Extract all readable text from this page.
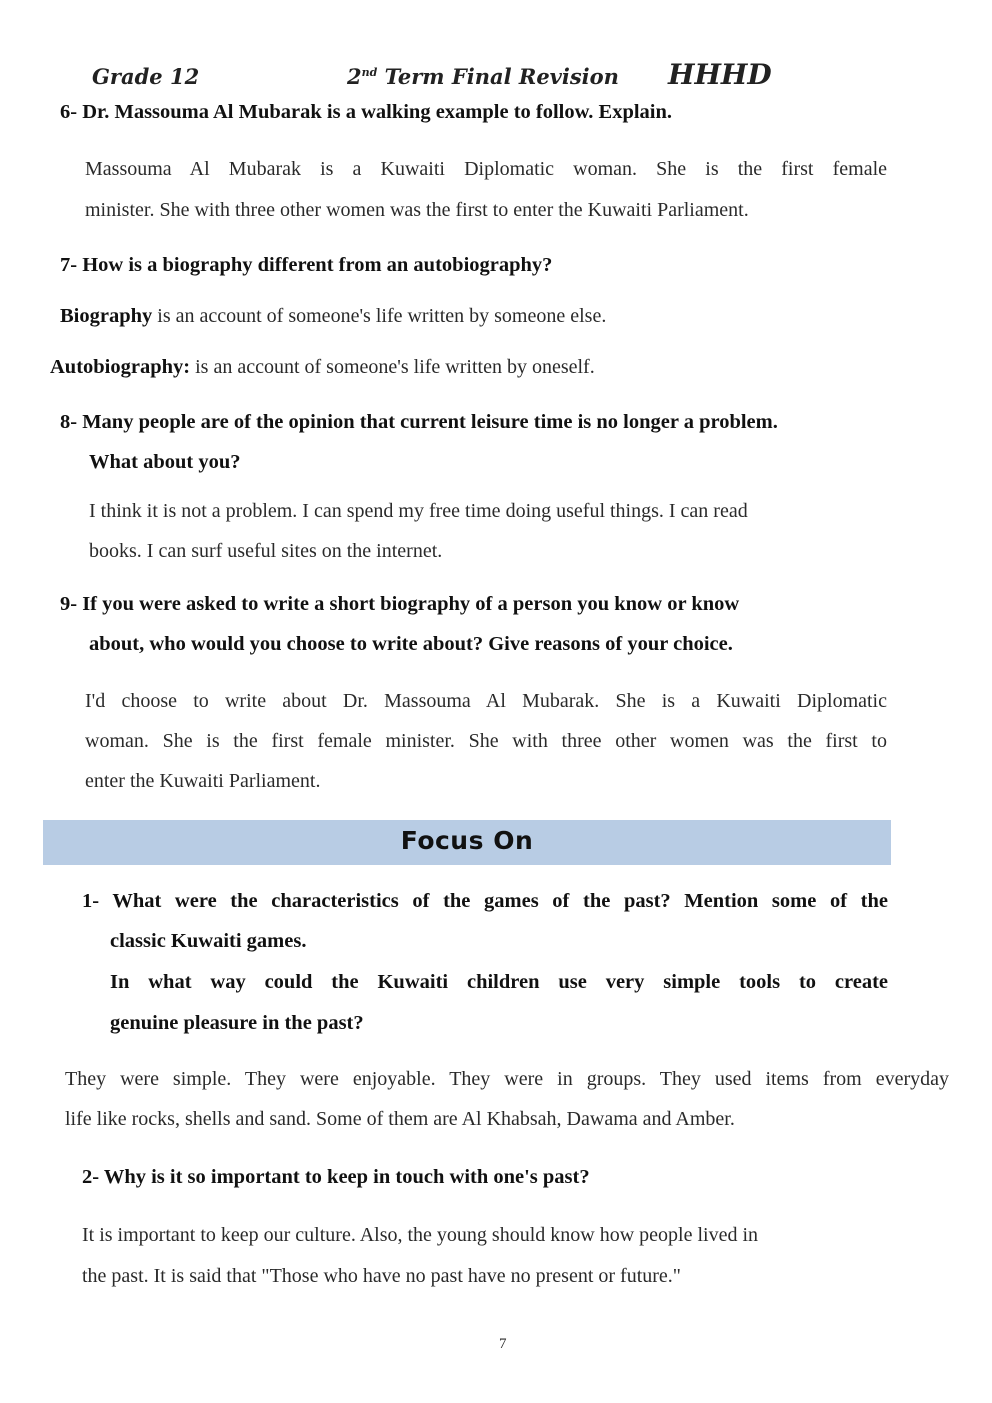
Grade 12	2nd Term Final Revision HHHD
6- Dr. Massouma Al Mubarak is a walking example to follow. Explain.
Massouma Al Mubarak is a Kuwaiti Diplomatic woman. She is the first female
minister. She with three other women was the first to enter the Kuwaiti Parliament.
7- How is a biography different from an autobiography?
Biography is an account of someone's life written by someone else.
Autobiography: is an account of someone's life written by oneself.
8- Many people are of the opinion that current leisure time is no longer a problem.
What about you?
I think it is not a problem. I can spend my free time doing useful things. I can read
books. I can surf useful sites on the internet.
9- If you were asked to write a short biography of a person you know or know
about, who would you choose to write about? Give reasons of your choice.
I'd choose to write about Dr. Massouma Al Mubarak. She is a Kuwaiti Diplomatic
woman. She is the first female minister. She with three other women was the first to
enter the Kuwaiti Parliament.
Focus On
1- What were the characteristics of the games of the past? Mention some of the
classic Kuwaiti games.
In what way could the Kuwaiti children use very simple tools to create
genuine pleasure in the past?
They were simple. They were enjoyable. They were in groups. They used items from everyday
life like rocks, shells and sand. Some of them are Al Khabsah, Dawama and Amber.
2- Why is it so important to keep in touch with one's past?
It is important to keep our culture. Also, the young should know how people lived in
the past. It is said that "Those who have no past have no present or future."
7
